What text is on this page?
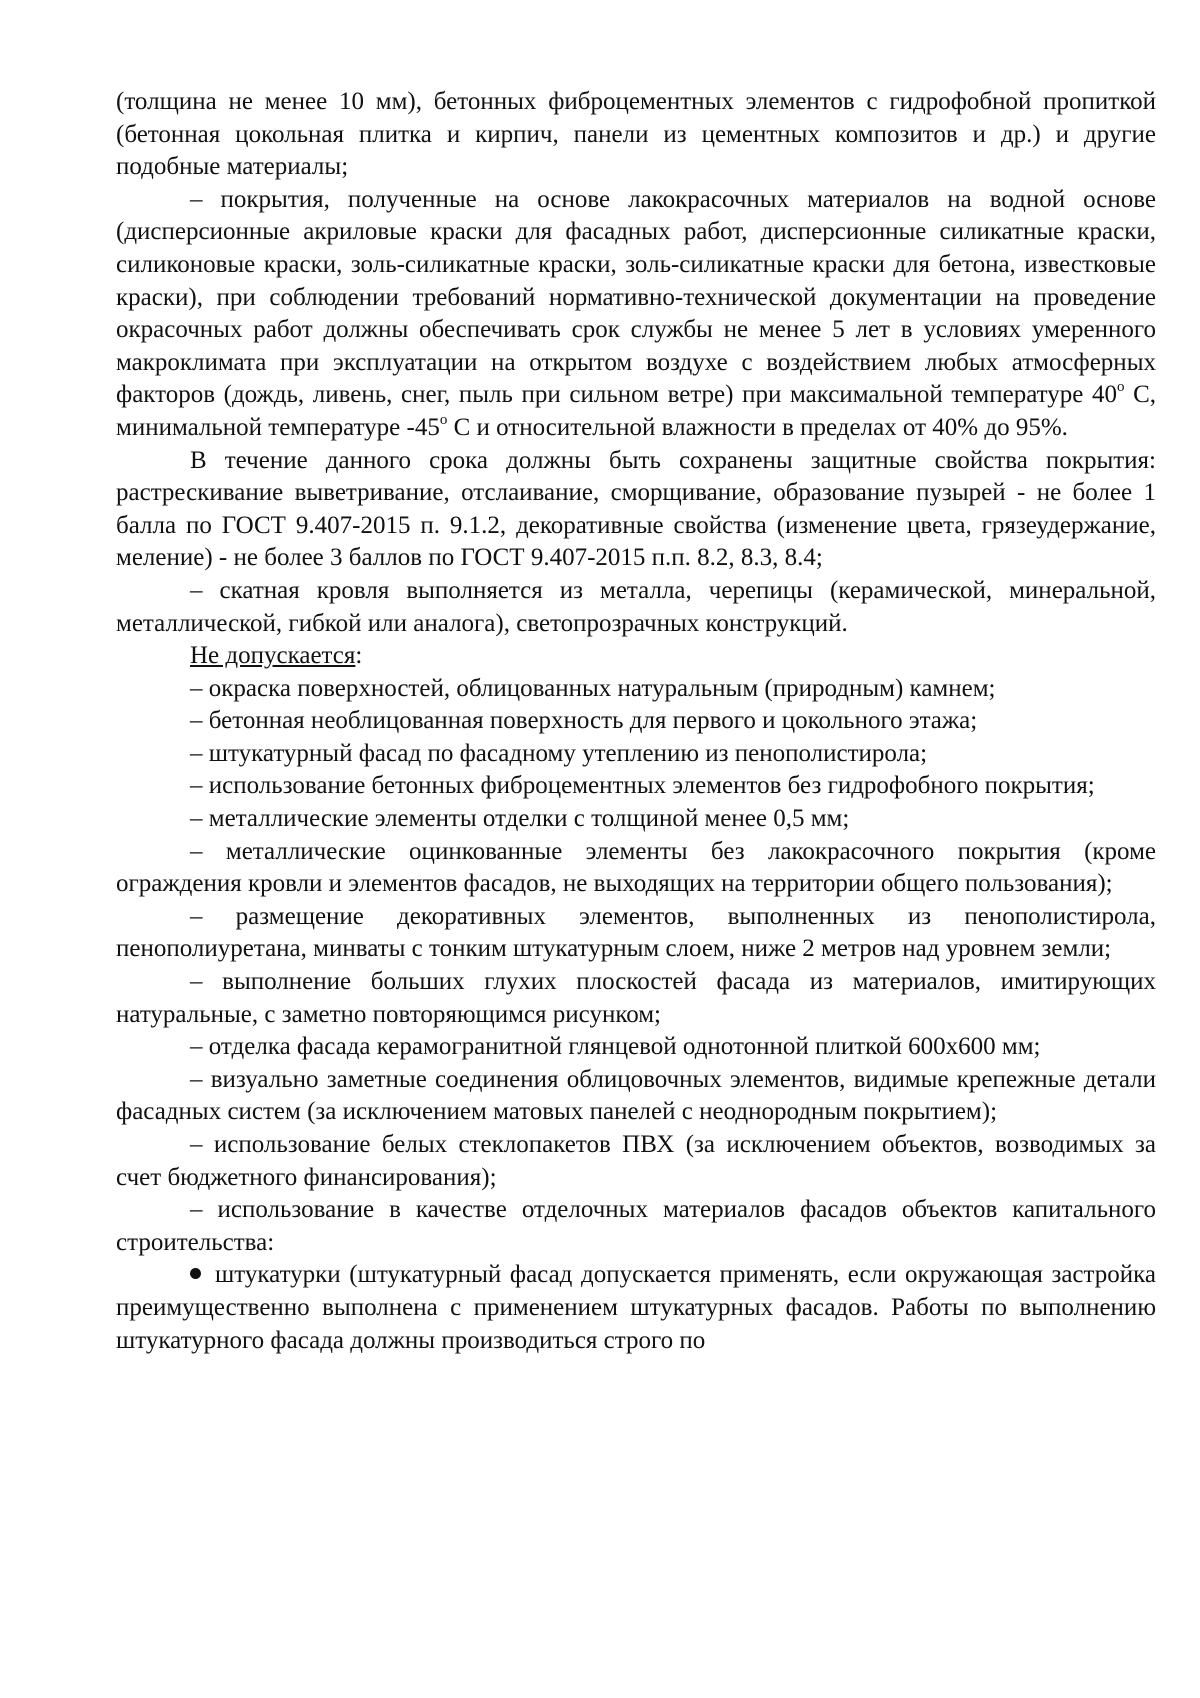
(толщина не менее 10 мм), бетонных фиброцементных элементов с гидрофобной пропиткой (бетонная цокольная плитка и кирпич, панели из цементных композитов и др.) и другие подобные материалы;

– покрытия, полученные на основе лакокрасочных материалов на водной основе (дисперсионные акриловые краски для фасадных работ, дисперсионные силикатные краски, силиконовые краски, золь-силикатные краски, золь-силикатные краски для бетона, известковые краски), при соблюдении требований нормативно-технической документации на проведение окрасочных работ должны обеспечивать срок службы не менее 5 лет в условиях умеренного макроклимата при эксплуатации на открытом воздухе с воздействием любых атмосферных факторов (дождь, ливень, снег, пыль при сильном ветре) при максимальной температуре 40$^o$ С, минимальной температуре -45$^o$ С и относительной влажности в пределах от 40% до 95%.

В течение данного срока должны быть сохранены защитные свойства покрытия: растрескивание выветривание, отслаивание, сморщивание, образование пузырей - не более 1 балла по ГОСТ 9.407-2015 п. 9.1.2, декоративные свойства (изменение цвета, грязеудержание, меление) - не более 3 баллов по ГОСТ 9.407-2015 п.п. 8.2, 8.3, 8.4;

– скатная кровля выполняется из металла, черепицы (керамической, минеральной, металлической, гибкой или аналога), светопрозрачных конструкций.

Не допускается:

– окраска поверхностей, облицованных натуральным (природным) камнем;

– бетонная необлицованная поверхность для первого и цокольного этажа;

– штукатурный фасад по фасадному утеплению из пенополистирола;

– использование бетонных фиброцементных элементов без гидрофобного покрытия;

– металлические элементы отделки с толщиной менее 0,5 мм;

– металлические оцинкованные элементы без лакокрасочного покрытия (кроме ограждения кровли и элементов фасадов, не выходящих на территории общего пользования);

– размещение декоративных элементов, выполненных из пенополистирола, пенополиуретана, минваты с тонким штукатурным слоем, ниже 2 метров над уровнем земли;

– выполнение больших глухих плоскостей фасада из материалов, имитирующих натуральные, с заметно повторяющимся рисунком;

– отделка фасада керамогранитной глянцевой однотонной плиткой 600х600 мм;

– визуально заметные соединения облицовочных элементов, видимые крепежные детали фасадных систем (за исключением матовых панелей с неоднородным покрытием);

– использование белых стеклопакетов ПВХ (за исключением объектов, возводимых за счет бюджетного финансирования);

– использование в качестве отделочных материалов фасадов объектов капитального строительства:

штукатурки (штукатурный фасад допускается применять, если окружающая застройка преимущественно выполнена с применением штукатурных фасадов. Работы по выполнению штукатурного фасада должны производиться строго по
